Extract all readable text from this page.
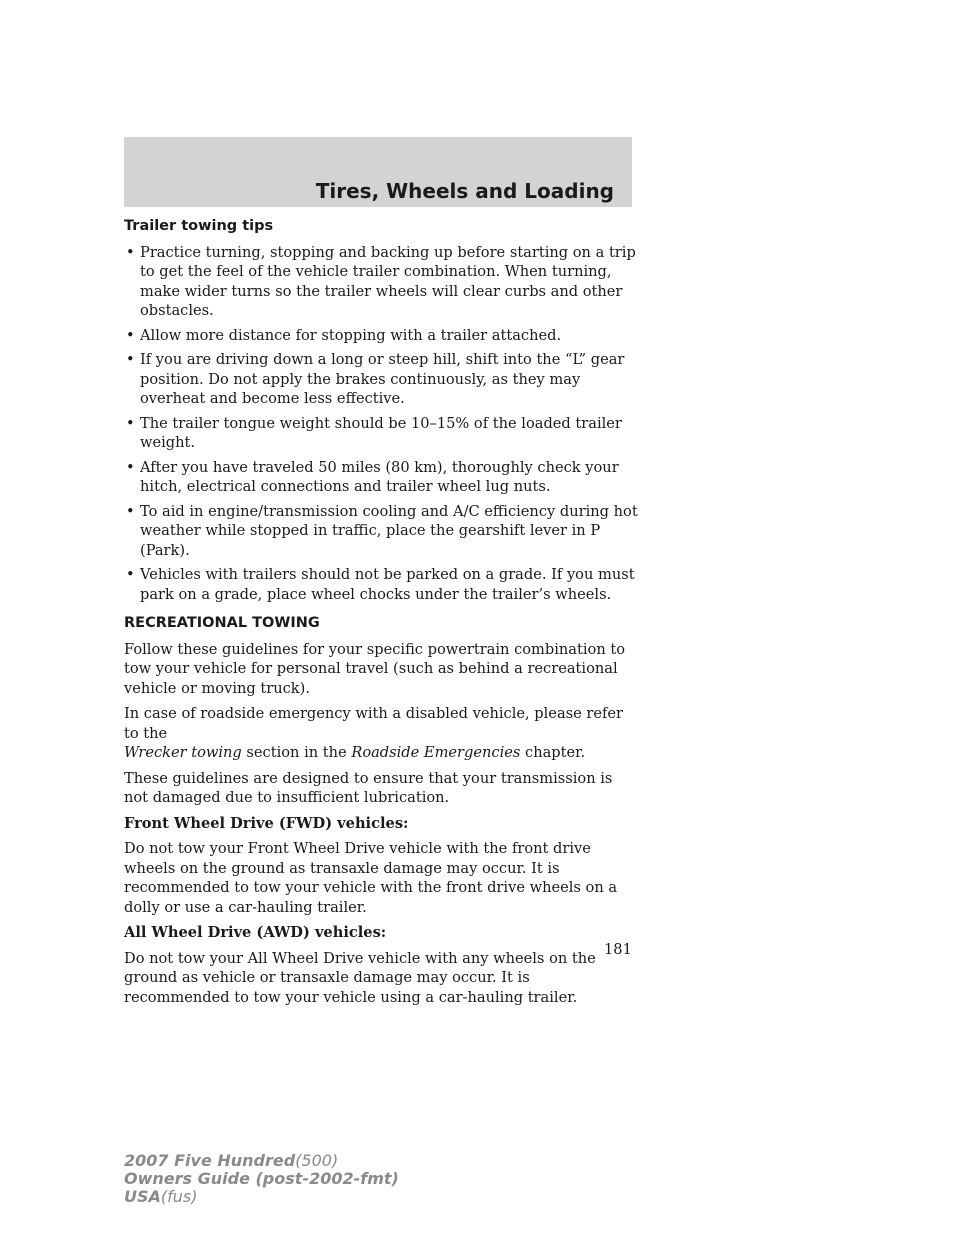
Tires, Wheels and Loading
Trailer towing tips
• Practice turning, stopping and backing up before starting on a trip to get the feel of the vehicle trailer combination. When turning, make wider turns so the trailer wheels will clear curbs and other obstacles.
• Allow more distance for stopping with a trailer attached.
• If you are driving down a long or steep hill, shift into the “L” gear position. Do not apply the brakes continuously, as they may overheat and become less effective.
• The trailer tongue weight should be 10–15% of the loaded trailer weight.
• After you have traveled 50 miles (80 km), thoroughly check your hitch, electrical connections and trailer wheel lug nuts.
• To aid in engine/transmission cooling and A/C efficiency during hot weather while stopped in traffic, place the gearshift lever in P (Park).
• Vehicles with trailers should not be parked on a grade. If you must park on a grade, place wheel chocks under the trailer’s wheels.
RECREATIONAL TOWING

Follow these guidelines for your specific powertrain combination to tow your vehicle for personal travel (such as behind a recreational vehicle or moving truck).

In case of roadside emergency with a disabled vehicle, please refer to the
Wrecker towing section in the Roadside Emergencies chapter.

These guidelines are designed to ensure that your transmission is not damaged due to insufficient lubrication.

Front Wheel Drive (FWD) vehicles:

Do not tow your Front Wheel Drive vehicle with the front drive wheels on the ground as transaxle damage may occur. It is recommended to tow your vehicle with the front drive wheels on a dolly or use a car-hauling trailer.

All Wheel Drive (AWD) vehicles:

Do not tow your All Wheel Drive vehicle with any wheels on the ground as vehicle or transaxle damage may occur. It is recommended to tow your vehicle using a car-hauling trailer.

181
2007 Five Hundred(500)
Owners Guide (post-2002-fmt)
USA(fus)
